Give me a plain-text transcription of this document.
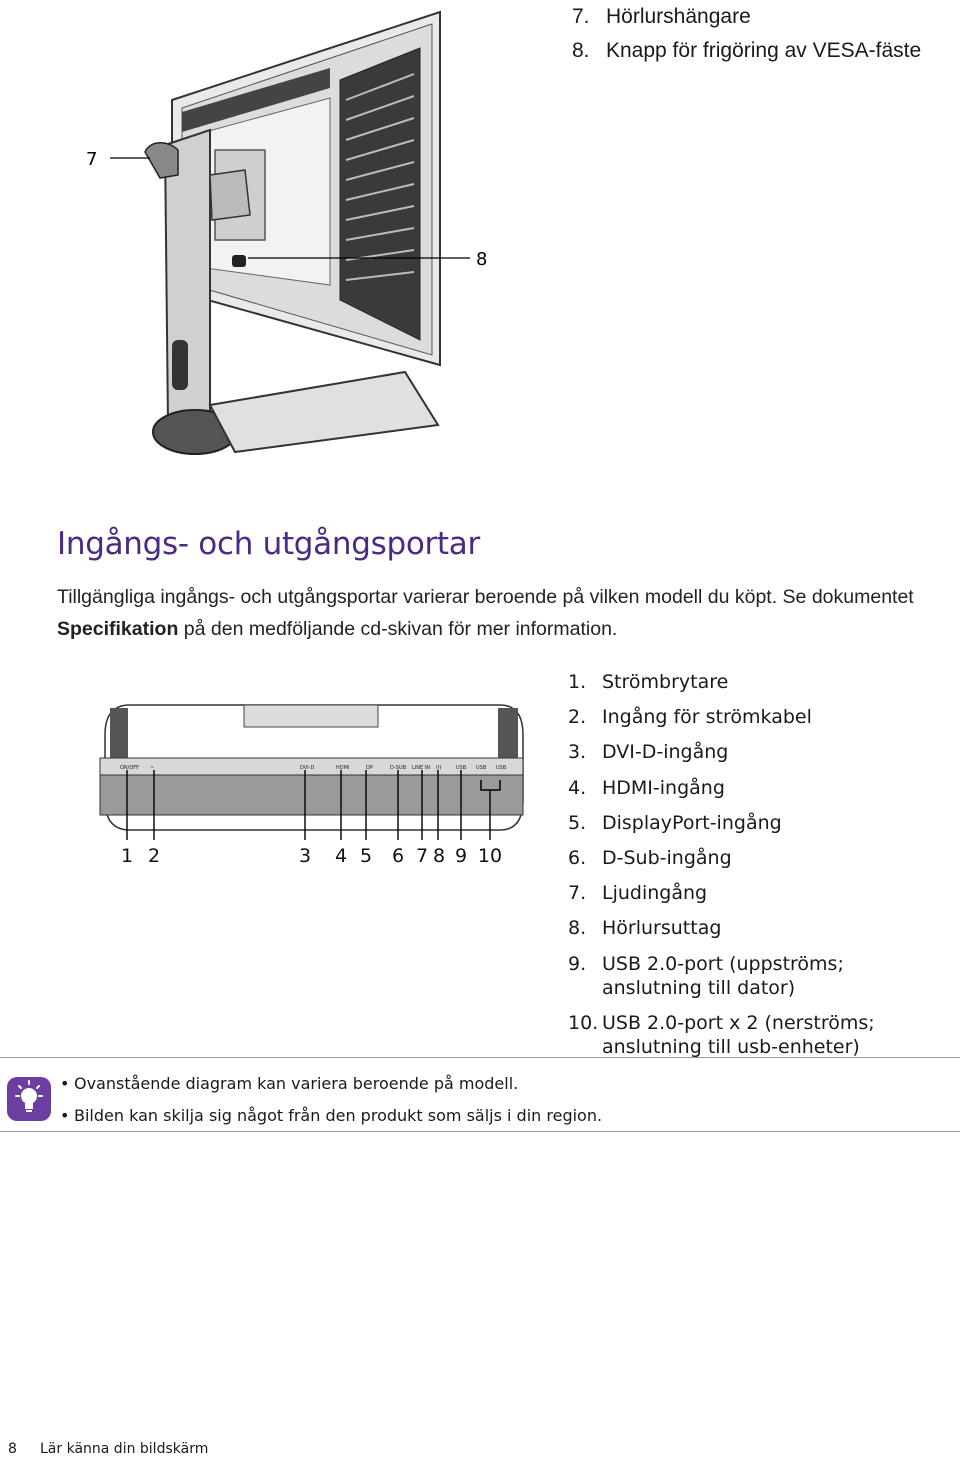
7. Hörlurshängare
8. Knapp för frigöring av VESA-fäste
7
8
Ingångs- och utgångsportar

Tillgängliga ingångs- och utgångsportar varierar beroende på vilken modell du köpt. Se dokumentet Specifikation på den medföljande cd-skivan för mer information.

ON/OFF ~	DVI-D	HDMI	DP	D-SUB LINE IN (I)	USB USB USB
1 2	3 4 5 6 7 8 9 10
1. Strömbrytare
2. Ingång för strömkabel
3. DVI-D-ingång
4. HDMI-ingång
5. DisplayPort-ingång
6. D-Sub-ingång
7. Ljudingång
8. Hörlursuttag
9. USB 2.0-port (uppströms; anslutning till dator)
10. USB 2.0-port x 2 (nerströms; anslutning till usb-enheter)
• Ovanstående diagram kan variera beroende på modell.
• Bilden kan skilja sig något från den produkt som säljs i din region.
8 Lär känna din bildskärm
